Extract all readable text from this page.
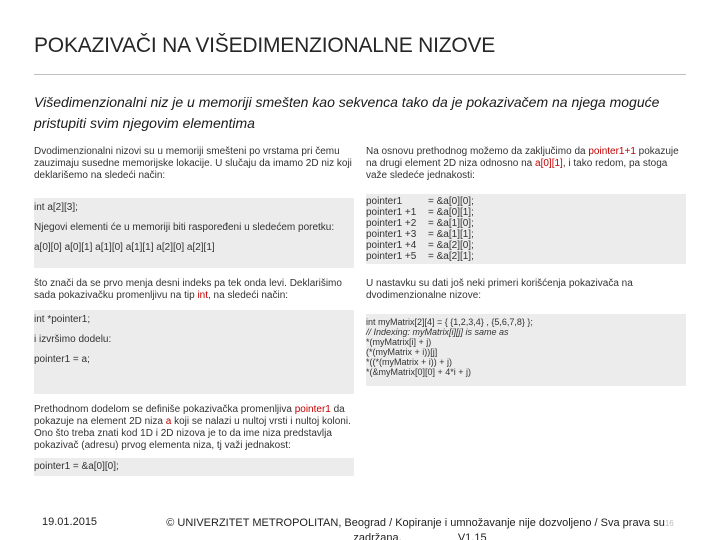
POKAZIVAČI NA VIŠEDIMENZIONALNE NIZOVE
Višedimenzionalni niz je u memoriji smešten kao sekvenca tako da je pokazivačem na njega moguće pristupiti svim njegovim elementima
Dvodimenzionalni nizovi su u memoriji smešteni po vrstama pri čemu zauzimaju susedne memorijske lokacije. U slučaju da imamo 2D niz koji deklarišemo na sledeći način:
int a[2][3];
Njegovi elementi će u memoriji biti raspoređeni u sledećem poretku:
a[0][0] a[0][1] a[1][0] a[1][1] a[2][0] a[2][1]
što znači da se prvo menja desni indeks pa tek onda levi. Deklarišimo sada pokazivačku promenljivu na tip int, na sledeći način:
int *pointer1;
i izvršimo dodelu:
pointer1 = a;
Prethodnom dodelom se definiše pokazivačka promenljiva pointer1 da pokazuje na element 2D niza a koji se nalazi u nultoj vrsti i nultoj koloni. Ono što treba znati kod 1D i 2D nizova je to da ime niza predstavlja pokazivač (adresu) prvog elementa niza, tj važi jednakost:
pointer1 = &a[0][0];
Na osnovu prethodnog možemo da zaključimo da pointer1+1 pokazuje na drugi element 2D niza odnosno na a[0][1], i tako redom, pa stoga važe sledeće jednakosti:
pointer1	= &a[0][0];
pointer1 +1	= &a[0][1];
pointer1 +2	= &a[1][0];
pointer1 +3	= &a[1][1];
pointer1 +4	= &a[2][0];
pointer1 +5	= &a[2][1];
U nastavku su dati još neki primeri korišćenja pokazivača na dvodimenzionalne nizove:
int myMatrix[2][4] = { {1,2,3,4} , {5,6,7,8} };
// Indexing: myMatrix[i][j] is same as
*(myMatrix[i] + j)
(*(myMatrix + i))[j]
*((*(myMatrix + i)) + j)
*(&myMatrix[0][0] + 4*i + j)
19.01.2015	© UNIVERZITET METROPOLITAN, Beograd / Kopiranje i umnožavanje nije dozvoljeno / Sva prava su16
zadržana.	V1.15
